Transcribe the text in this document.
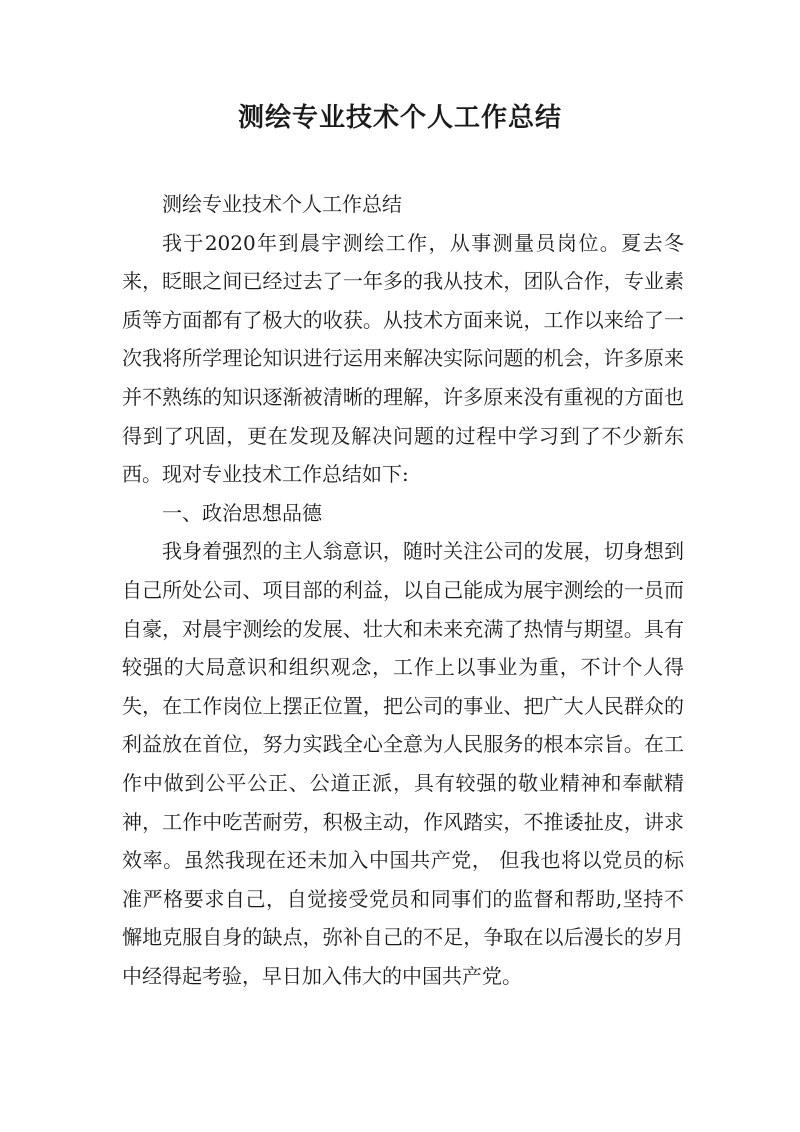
测绘专业技术个人工作总结

测绘专业技术个人工作总结

我于2020年到晨宇测绘工作，从事测量员岗位。夏去冬来，眨眼之间已经过去了一年多的我从技术，团队合作，专业素质等方面都有了极大的收获。从技术方面来说，工作以来给了一次我将所学理论知识进行运用来解决实际问题的机会，许多原来并不熟练的知识逐渐被清晰的理解，许多原来没有重视的方面也得到了巩固，更在发现及解决问题的过程中学习到了不少新东西。现对专业技术工作总结如下:

一、政治思想品德

我身着强烈的主人翁意识，随时关注公司的发展，切身想到自己所处公司、项目部的利益，以自己能成为展宇测绘的一员而自豪，对晨宇测绘的发展、壮大和未来充满了热情与期望。具有较强的大局意识和组织观念，工作上以事业为重，不计个人得失，在工作岗位上摆正位置，把公司的事业、把广大人民群众的利益放在首位，努力实践全心全意为人民服务的根本宗旨。在工作中做到公平公正、公道正派，具有较强的敬业精神和奉献精神，工作中吃苦耐劳，积极主动，作风踏实，不推诿扯皮，讲求效率。虽然我现在还未加入中国共产党， 但我也将以党员的标准严格要求自己，自觉接受党员和同事们的监督和帮助,坚持不懈地克服自身的缺点，弥补自己的不足，争取在以后漫长的岁月中经得起考验，早日加入伟大的中国共产党。
